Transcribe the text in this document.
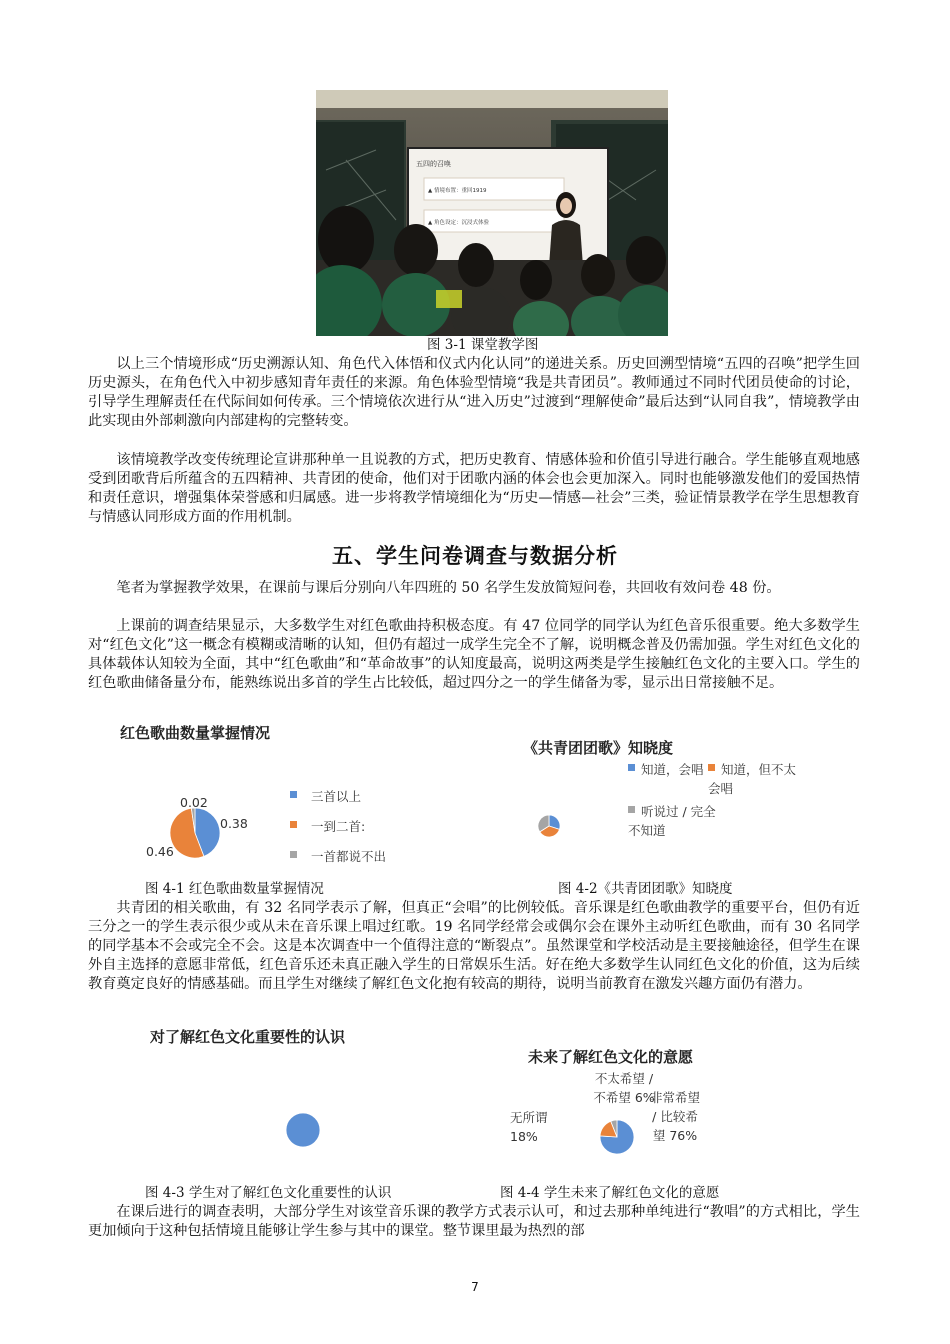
五四的召唤
▲ 情境布置：重回1919
▲ 角色设定：沉浸式体验
图 3-1 课堂教学图

以上三个情境形成“历史溯源认知、角色代入体悟和仪式内化认同”的递进关系。历史回溯型情境“五四的召唤”把学生回历史源头，在角色代入中初步感知青年责任的来源。角色体验型情境“我是共青团员”。教师通过不同时代团员使命的讨论，引导学生理解责任在代际间如何传承。三个情境依次进行从“进入历史”过渡到“理解使命”最后达到“认同自我”，情境教学由此实现由外部刺激向内部建构的完整转变。

该情境教学改变传统理论宣讲那种单一且说教的方式，把历史教育、情感体验和价值引导进行融合。学生能够直观地感受到团歌背后所蕴含的五四精神、共青团的使命，他们对于团歌内涵的体会也会更加深入。同时也能够激发他们的爱国热情和责任意识，增强集体荣誉感和归属感。进一步将教学情境细化为“历史—情感—社会”三类，验证情景教学在学生思想教育与情感认同形成方面的作用机制。

五、学生问卷调查与数据分析

笔者为掌握教学效果，在课前与课后分别向八年四班的 50 名学生发放简短问卷，共回收有效问卷 48 份。

上课前的调查结果显示，大多数学生对红色歌曲持积极态度。有 47 位同学的同学认为红色音乐很重要。绝大多数学生对“红色文化”这一概念有模糊或清晰的认知，但仍有超过一成学生完全不了解，说明概念普及仍需加强。学生对红色文化的具体载体认知较为全面，其中“红色歌曲”和“革命故事”的认知度最高，说明这两类是学生接触红色文化的主要入口。学生的红色歌曲储备量分布，能熟练说出多首的学生占比较低，超过四分之一的学生储备为零，显示出日常接触不足。

红色歌曲数量掌握情况
0.02
0.38
0.46
三首以上
一到二首:
一首都说不出
《共青团团歌》知晓度
知道，会唱	知道，但不太会唱
听说过 / 完全不知道
图 4-1 红色歌曲数量掌握情况	图 4-2《共青团团歌》知晓度

共青团的相关歌曲，有 32 名同学表示了解，但真正“会唱”的比例较低。音乐课是红色歌曲教学的重要平台，但仍有近三分之一的学生表示很少或从未在音乐课上唱过红歌。19 名同学经常会或偶尔会在课外主动听红色歌曲，而有 30 名同学的同学基本不会或完全不会。这是本次调查中一个值得注意的“断裂点”。虽然课堂和学校活动是主要接触途径，但学生在课外自主选择的意愿非常低，红色音乐还未真正融入学生的日常娱乐生活。好在绝大多数学生认同红色文化的价值，这为后续教育奠定良好的情感基础。而且学生对继续了解红色文化抱有较高的期待，说明当前教育在激发兴趣方面仍有潜力。

对了解红色文化重要性的认识
未来了解红色文化的意愿
不太希望 / 不希望 6%
无所谓 18%
非常希望 / 比较希望 76%
图 4-3 学生对了解红色文化重要性的认识	图 4-4 学生未来了解红色文化的意愿

在课后进行的调查表明，大部分学生对该堂音乐课的教学方式表示认可，和过去那种单纯进行“教唱”的方式相比，学生更加倾向于这种包括情境且能够让学生参与其中的课堂。整节课里最为热烈的部

7
